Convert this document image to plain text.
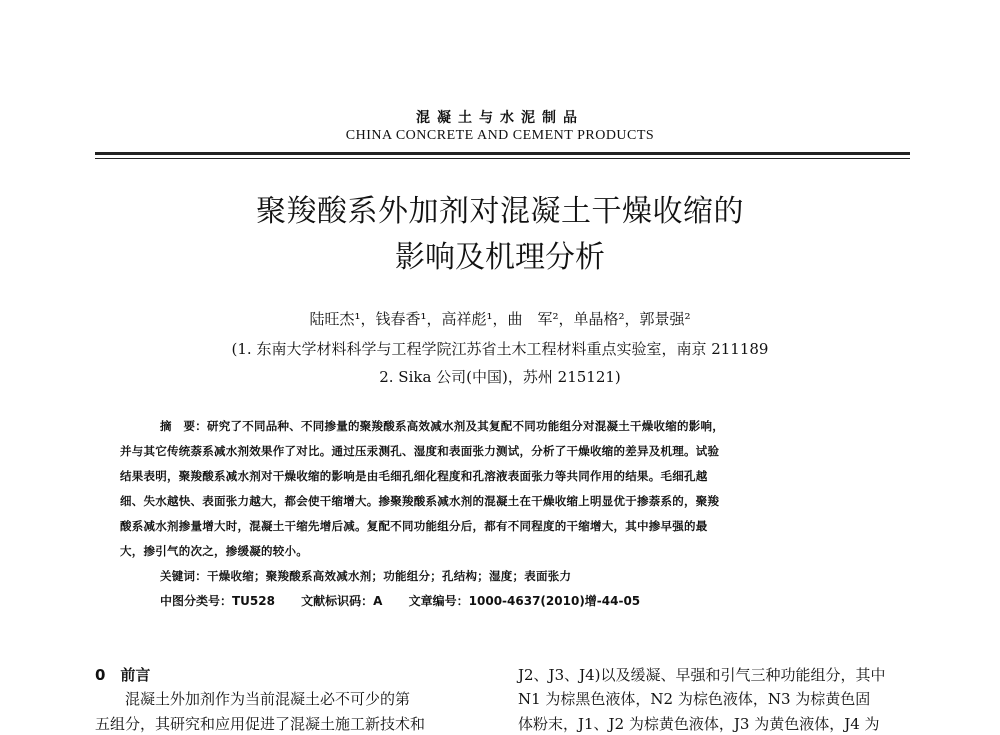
混凝土与水泥制品
CHINA CONCRETE AND CEMENT PRODUCTS
聚羧酸系外加剂对混凝土干燥收缩的
影响及机理分析
陆旺杰¹，钱春香¹，高祥彪¹，曲　军²，单晶格²，郭景强²
(1. 东南大学材料科学与工程学院江苏省土木工程材料重点实验室，南京 211189
2. Sika 公司(中国)，苏州 215121)
摘　要：研究了不同品种、不同掺量的聚羧酸系高效减水剂及其复配不同功能组分对混凝土干燥收缩的影响，
并与其它传统萘系减水剂效果作了对比。通过压汞测孔、湿度和表面张力测试，分析了干燥收缩的差异及机理。试验
结果表明，聚羧酸系减水剂对干燥收缩的影响是由毛细孔细化程度和孔溶液表面张力等共同作用的结果。毛细孔越
细、失水越快、表面张力越大，都会使干缩增大。掺聚羧酸系减水剂的混凝土在干燥收缩上明显优于掺萘系的，聚羧
酸系减水剂掺量增大时，混凝土干缩先增后减。复配不同功能组分后，都有不同程度的干缩增大，其中掺早强的最
大，掺引气的次之，掺缓凝的较小。
关键词：干燥收缩；聚羧酸系高效减水剂；功能组分；孔结构；湿度；表面张力
中图分类号：TU528 文献标识码：A 文章编号：1000-4637(2010)增-44-05
0　前言
混凝土外加剂作为当前混凝土必不可少的第
五组分，其研究和应用促进了混凝土施工新技术和
J2、J3、J4)以及缓凝、早强和引气三种功能组分，其中
N1 为棕黑色液体，N2 为棕色液体，N3 为棕黄色固
体粉末，J1、J2 为棕黄色液体，J3 为黄色液体，J4 为
